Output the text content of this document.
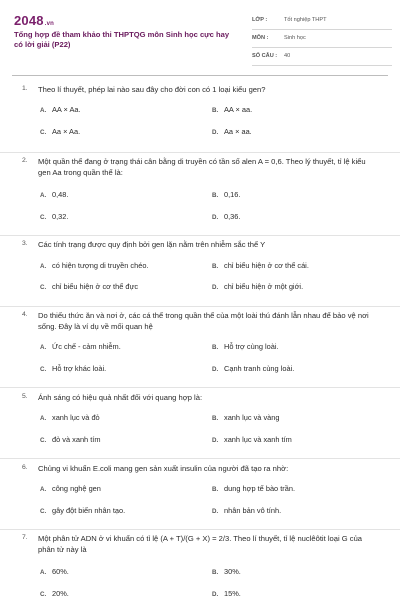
2048.vn
Tổng hợp đề tham khảo thi THPTQG môn Sinh học cực hay có lời giải (P22)
LỚP :	Tốt nghiệp THPT
MÔN :	Sinh học
SỐ CÂU : 40
1.	Theo lí thuyết, phép lai nào sau đây cho đời con có 1 loại kiểu gen?
A. AA × Aa.	B. AA × aa.
C. Aa × Aa.	D. Aa × aa.
2.	Một quần thể đang ở trạng thái cân bằng di truyền có tần số alen A = 0,6. Theo lý thuyết, tỉ lệ kiểu gen Aa trong quần thể là:
A. 0,48.	B. 0,16.
C. 0,32.	D. 0,36.
3.	Các tính trạng được quy định bởi gen lặn nằm trên nhiễm sắc thể Y
A. có hiện tượng di truyền chéo.	B. chỉ biểu hiện ở cơ thể cái.
C. chỉ biểu hiện ở cơ thể đực	D. chỉ biểu hiện ở một giới.
4.	Do thiếu thức ăn và nơi ở, các cá thể trong quần thể của một loài thú đánh lẫn nhau để bảo vệ nơi sống. Đây là ví dụ về mối quan hệ
A. Ức chế - cảm nhiễm.	B. Hỗ trợ cùng loài.
C. Hỗ trợ khác loài.	D. Cạnh tranh cùng loài.
5.	Ánh sáng có hiệu quả nhất đối với quang hợp là:
A. xanh lục và đỏ	B. xanh lục và vàng
C. đỏ và xanh tím	D. xanh lục và xanh tím
6.	Chủng vi khuẩn E.coli mang gen sản xuất insulin của người đã tạo ra nhờ:
A. công nghệ gen	B. dung hợp tế bào trần.
C. gây đột biến nhân tạo.	D. nhân bản vô tính.
7.	Một phân tử ADN ở vi khuẩn có tỉ lệ (A + T)/(G + X) = 2/3. Theo lí thuyết, tỉ lệ nuclêôtit loại G của phân tử này là
A. 60%.	B. 30%.
C. 20%.	D. 15%.
